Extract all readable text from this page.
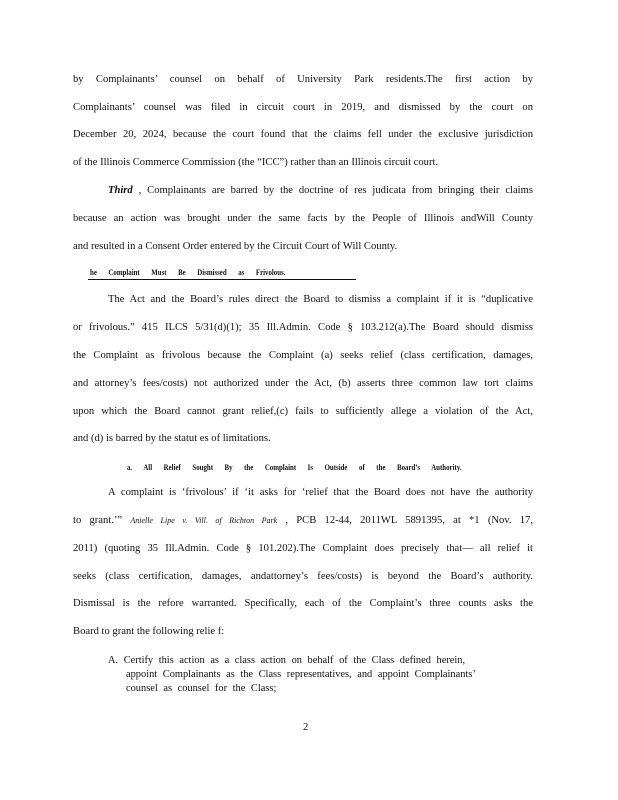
by Complainants’ counsel on behalf of University Park residents.The first action by
Complainants’ counsel was filed in circuit court in 2019, and dismissed by the court on
December 20, 2024, because the court found that the claims fell under the exclusive jurisdiction
of the Illinois Commerce Commission (the “ICC”) rather than an Illinois circuit court.
Third , Complainants are barred by the doctrine of res judicata from bringing their claims
because an action was brought under the same facts by the People of Illinois andWill County
and resulted in a Consent Order entered by the Circuit Court of Will County.
he Complaint Must Be Dismissed as Frivolous.
The Act and the Board’s rules direct the Board to dismiss a complaint if it is “duplicative
or frivolous.” 415 ILCS 5/31(d)(1); 35 Ill.Admin. Code § 103.212(a).The Board should dismiss
the Complaint as frivolous because the Complaint (a) seeks relief (class certification, damages,
and attorney’s fees/costs) not authorized under the Act, (b) asserts three common law tort claims
upon which the Board cannot grant relief,(c) fails to sufficiently allege a violation of the Act,
and (d) is barred by the statut es of limitations.
a. All Relief Sought By the Complaint Is Outside of the Board’s Authority.
A complaint is ‘frivolous’ if ‘it asks for ‘relief that the Board does not have the authority
to grant.’” Anielle Lipe v. Vill. of Richton Park , PCB 12-44, 2011WL 5891395, at *1 (Nov. 17,
2011) (quoting 35 Ill.Admin. Code § 101.202).The Complaint does precisely that— all relief it
seeks (class certification, damages, andattorney’s fees/costs) is beyond the Board’s authority.
Dismissal is the refore warranted. Specifically, each of the Complaint’s three counts asks the
Board to grant the following relie f:
A. Certify this action as a class action on behalf of the Class defined herein,
appoint Complainants as the Class representatives, and appoint Complainants’
counsel as counsel for the Class;
2
